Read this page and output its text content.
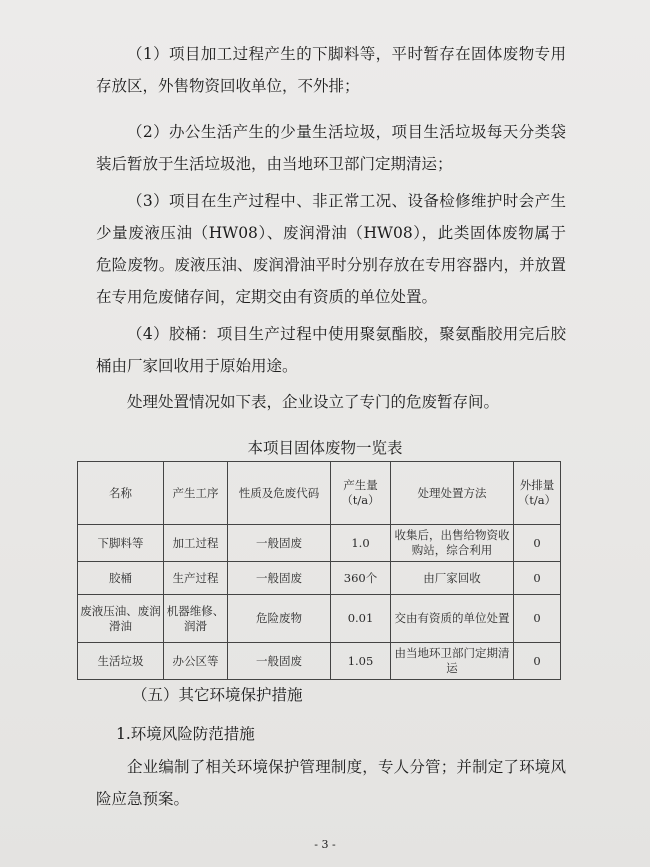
（1）项目加工过程产生的下脚料等，平时暂存在固体废物专用存放区，外售物资回收单位，不外排；

（2）办公生活产生的少量生活垃圾，项目生活垃圾每天分类袋装后暂放于生活垃圾池，由当地环卫部门定期清运；

（3）项目在生产过程中、非正常工况、设备检修维护时会产生少量废液压油（HW08）、废润滑油（HW08），此类固体废物属于危险废物。废液压油、废润滑油平时分别存放在专用容器内，并放置在专用危废储存间，定期交由有资质的单位处置。

（4）胶桶：项目生产过程中使用聚氨酯胶，聚氨酯胶用完后胶桶由厂家回收用于原始用途。

处理处置情况如下表，企业设立了专门的危废暂存间。

本项目固体废物一览表
名称	产生工序	性质及危废代码	产生量（t/a）	处理处置方法	外排量（t/a）
下脚料等	加工过程	一般固废	1.0	收集后，出售给物资收 购站，综合利用	0
胶桶	生产过程	一般固废	360个	由厂家回收	0
废液压油、废润滑油	机器维修、润滑	危险废物	0.01	交由有资质的单位处置	0
生活垃圾	办公区等	一般固废	1.05	由当地环卫部门定期清运	0
（五）其它环境保护措施
1.环境风险防范措施

企业编制了相关环境保护管理制度，专人分管；并制定了环境风险应急预案。

- 3 -
